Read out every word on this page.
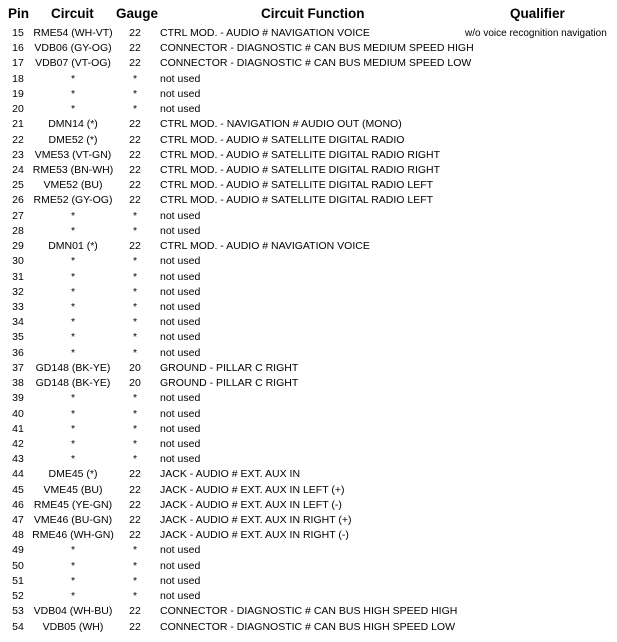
Pin Circuit Gauge	Circuit Function	Qualifier
15 RME54 (WH-VT)	22	CTRL MOD. - AUDIO # NAVIGATION VOICE	w/o voice recognition navigation
16	VDB06 (GY-OG)	22	CONNECTOR - DIAGNOSTIC # CAN BUS MEDIUM SPEED HIGH
17	VDB07 (VT-OG)	22	CONNECTOR - DIAGNOSTIC # CAN BUS MEDIUM SPEED LOW
18	*	*	not used
19	*	*	not used
20	*	*	not used
21	DMN14 (*)	22	CTRL MOD. - NAVIGATION # AUDIO OUT (MONO)
22	DME52 (*)	22	CTRL MOD. - AUDIO # SATELLITE DIGITAL RADIO
23	VME53 (VT-GN)	22	CTRL MOD. - AUDIO # SATELLITE DIGITAL RADIO RIGHT
24 RME53 (BN-WH)	22	CTRL MOD. - AUDIO # SATELLITE DIGITAL RADIO RIGHT
25	VME52 (BU)	22	CTRL MOD. - AUDIO # SATELLITE DIGITAL RADIO LEFT
26 RME52 (GY-OG)	22	CTRL MOD. - AUDIO # SATELLITE DIGITAL RADIO LEFT
27	*	*	not used
28	*	*	not used
29	DMN01 (*)	22	CTRL MOD. - AUDIO # NAVIGATION VOICE
30	*	*	not used
31	*	*	not used
32	*	*	not used
33	*	*	not used
34	*	*	not used
35	*	*	not used
36	*	*	not used
37	GD148 (BK-YE)	20	GROUND - PILLAR C RIGHT
38	GD148 (BK-YE)	20	GROUND - PILLAR C RIGHT
39	*	*	not used
40	*	*	not used
41	*	*	not used
42	*	*	not used
43	*	*	not used
44	DME45 (*)	22	JACK - AUDIO # EXT. AUX IN
45	VME45 (BU)	22	JACK - AUDIO # EXT. AUX IN LEFT (+)
46 RME45 (YE-GN)	22	JACK - AUDIO # EXT. AUX IN LEFT (-)
47 VME46 (BU-GN)	22	JACK - AUDIO # EXT. AUX IN RIGHT (+)
48 RME46 (WH-GN)	22	JACK - AUDIO # EXT. AUX IN RIGHT (-)
49	*	*	not used
50	*	*	not used
51	*	*	not used
52	*	*	not used
53 VDB04 (WH-BU)	22	CONNECTOR - DIAGNOSTIC # CAN BUS HIGH SPEED HIGH
54	VDB05 (WH)	22	CONNECTOR - DIAGNOSTIC # CAN BUS HIGH SPEED LOW
